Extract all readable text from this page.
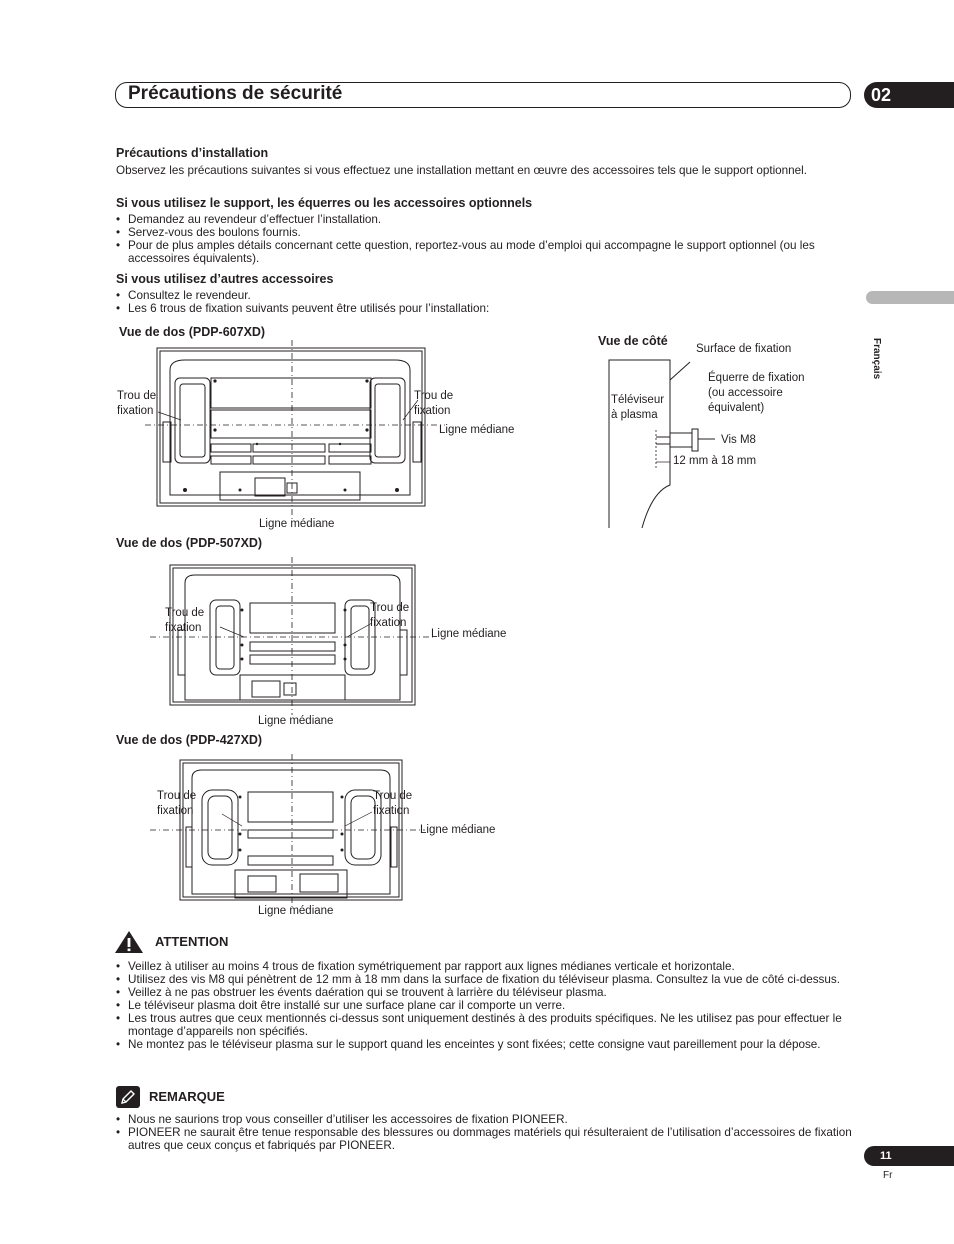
Précautions de sécurité	02
Français
Précautions d’installation
Observez les précautions suivantes si vous effectuez une installation mettant en œuvre des accessoires tels que le support optionnel.
Si vous utilisez le support, les équerres ou les accessoires optionnels
• Demandez au revendeur d’effectuer l’installation.
• Servez-vous des boulons fournis.
• Pour de plus amples détails concernant cette question, reportez-vous au mode d’emploi qui accompagne le support optionnel (ou les accessoires équivalents).
Si vous utilisez d’autres accessoires
• Consultez le revendeur.
• Les 6 trous de fixation suivants peuvent être utilisés pour l’installation:
Vue de dos (PDP-607XD)
Trou de
fixation
Trou de
fixation
Ligne médiane
Ligne médiane
Vue de côté
Surface de fixation
Équerre de fixation
(ou accessoire
équivalent)
Téléviseur
à plasma
Vis M8
12 mm à 18 mm
Vue de dos (PDP-507XD)
Trou de
fixation
Trou de
fixation
Ligne médiane
Ligne médiane
Vue de dos (PDP-427XD)
Trou de
fixation
Trou de
fixation
Ligne médiane
Ligne médiane
ATTENTION
• Veillez à utiliser au moins 4 trous de fixation symétriquement par rapport aux lignes médianes verticale et horizontale.
• Utilisez des vis M8 qui pénètrent de 12 mm à 18 mm dans la surface de fixation du téléviseur plasma. Consultez la vue de côté ci-dessus.
• Veillez à ne pas obstruer les évents daération qui se trouvent à larrière du téléviseur plasma.
• Le téléviseur plasma doit être installé sur une surface plane car il comporte un verre.
• Les trous autres que ceux mentionnés ci-dessus sont uniquement destinés à des produits spécifiques. Ne les utilisez pas pour effectuer le montage d’appareils non spécifiés.
• Ne montez pas le téléviseur plasma sur le support quand les enceintes y sont fixées; cette consigne vaut pareillement pour la dépose.
REMARQUE
• Nous ne saurions trop vous conseiller d’utiliser les accessoires de fixation PIONEER.
• PIONEER ne saurait être tenue responsable des blessures ou dommages matériels qui résulteraient de l’utilisation d’accessoires de fixation autres que ceux conçus et fabriqués par PIONEER.
11
Fr
